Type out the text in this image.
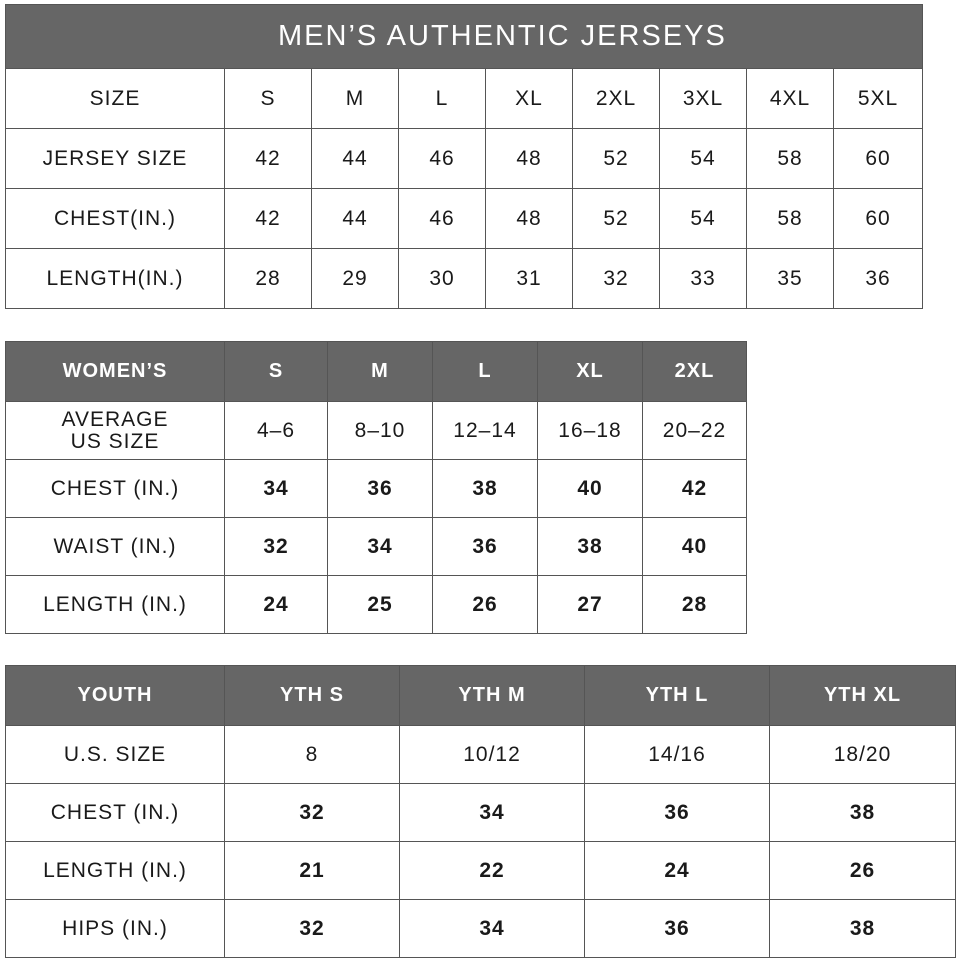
MEN’S AUTHENTIC JERSEYS								
SIZE	S	M	L	XL	2XL	3XL	4XL	5XL
JERSEY SIZE	42	44	46	48	52	54	58	60
CHEST(IN.)	42	44	46	48	52	54	58	60
LENGTH(IN.)	28	29	30	31	32	33	35	36
WOMEN’S	S	M	L	XL	2XL
AVERAGE
US SIZE	4–6	8–10	12–14	16–18	20–22
CHEST (IN.)	34	36	38	40	42
WAIST (IN.)	32	34	36	38	40
LENGTH (IN.)	24	25	26	27	28
YOUTH	YTH S	YTH M	YTH L	YTH XL
U.S. SIZE	8	10/12	14/16	18/20
CHEST (IN.)	32	34	36	38
LENGTH (IN.)	21	22	24	26
HIPS (IN.)	32	34	36	38
